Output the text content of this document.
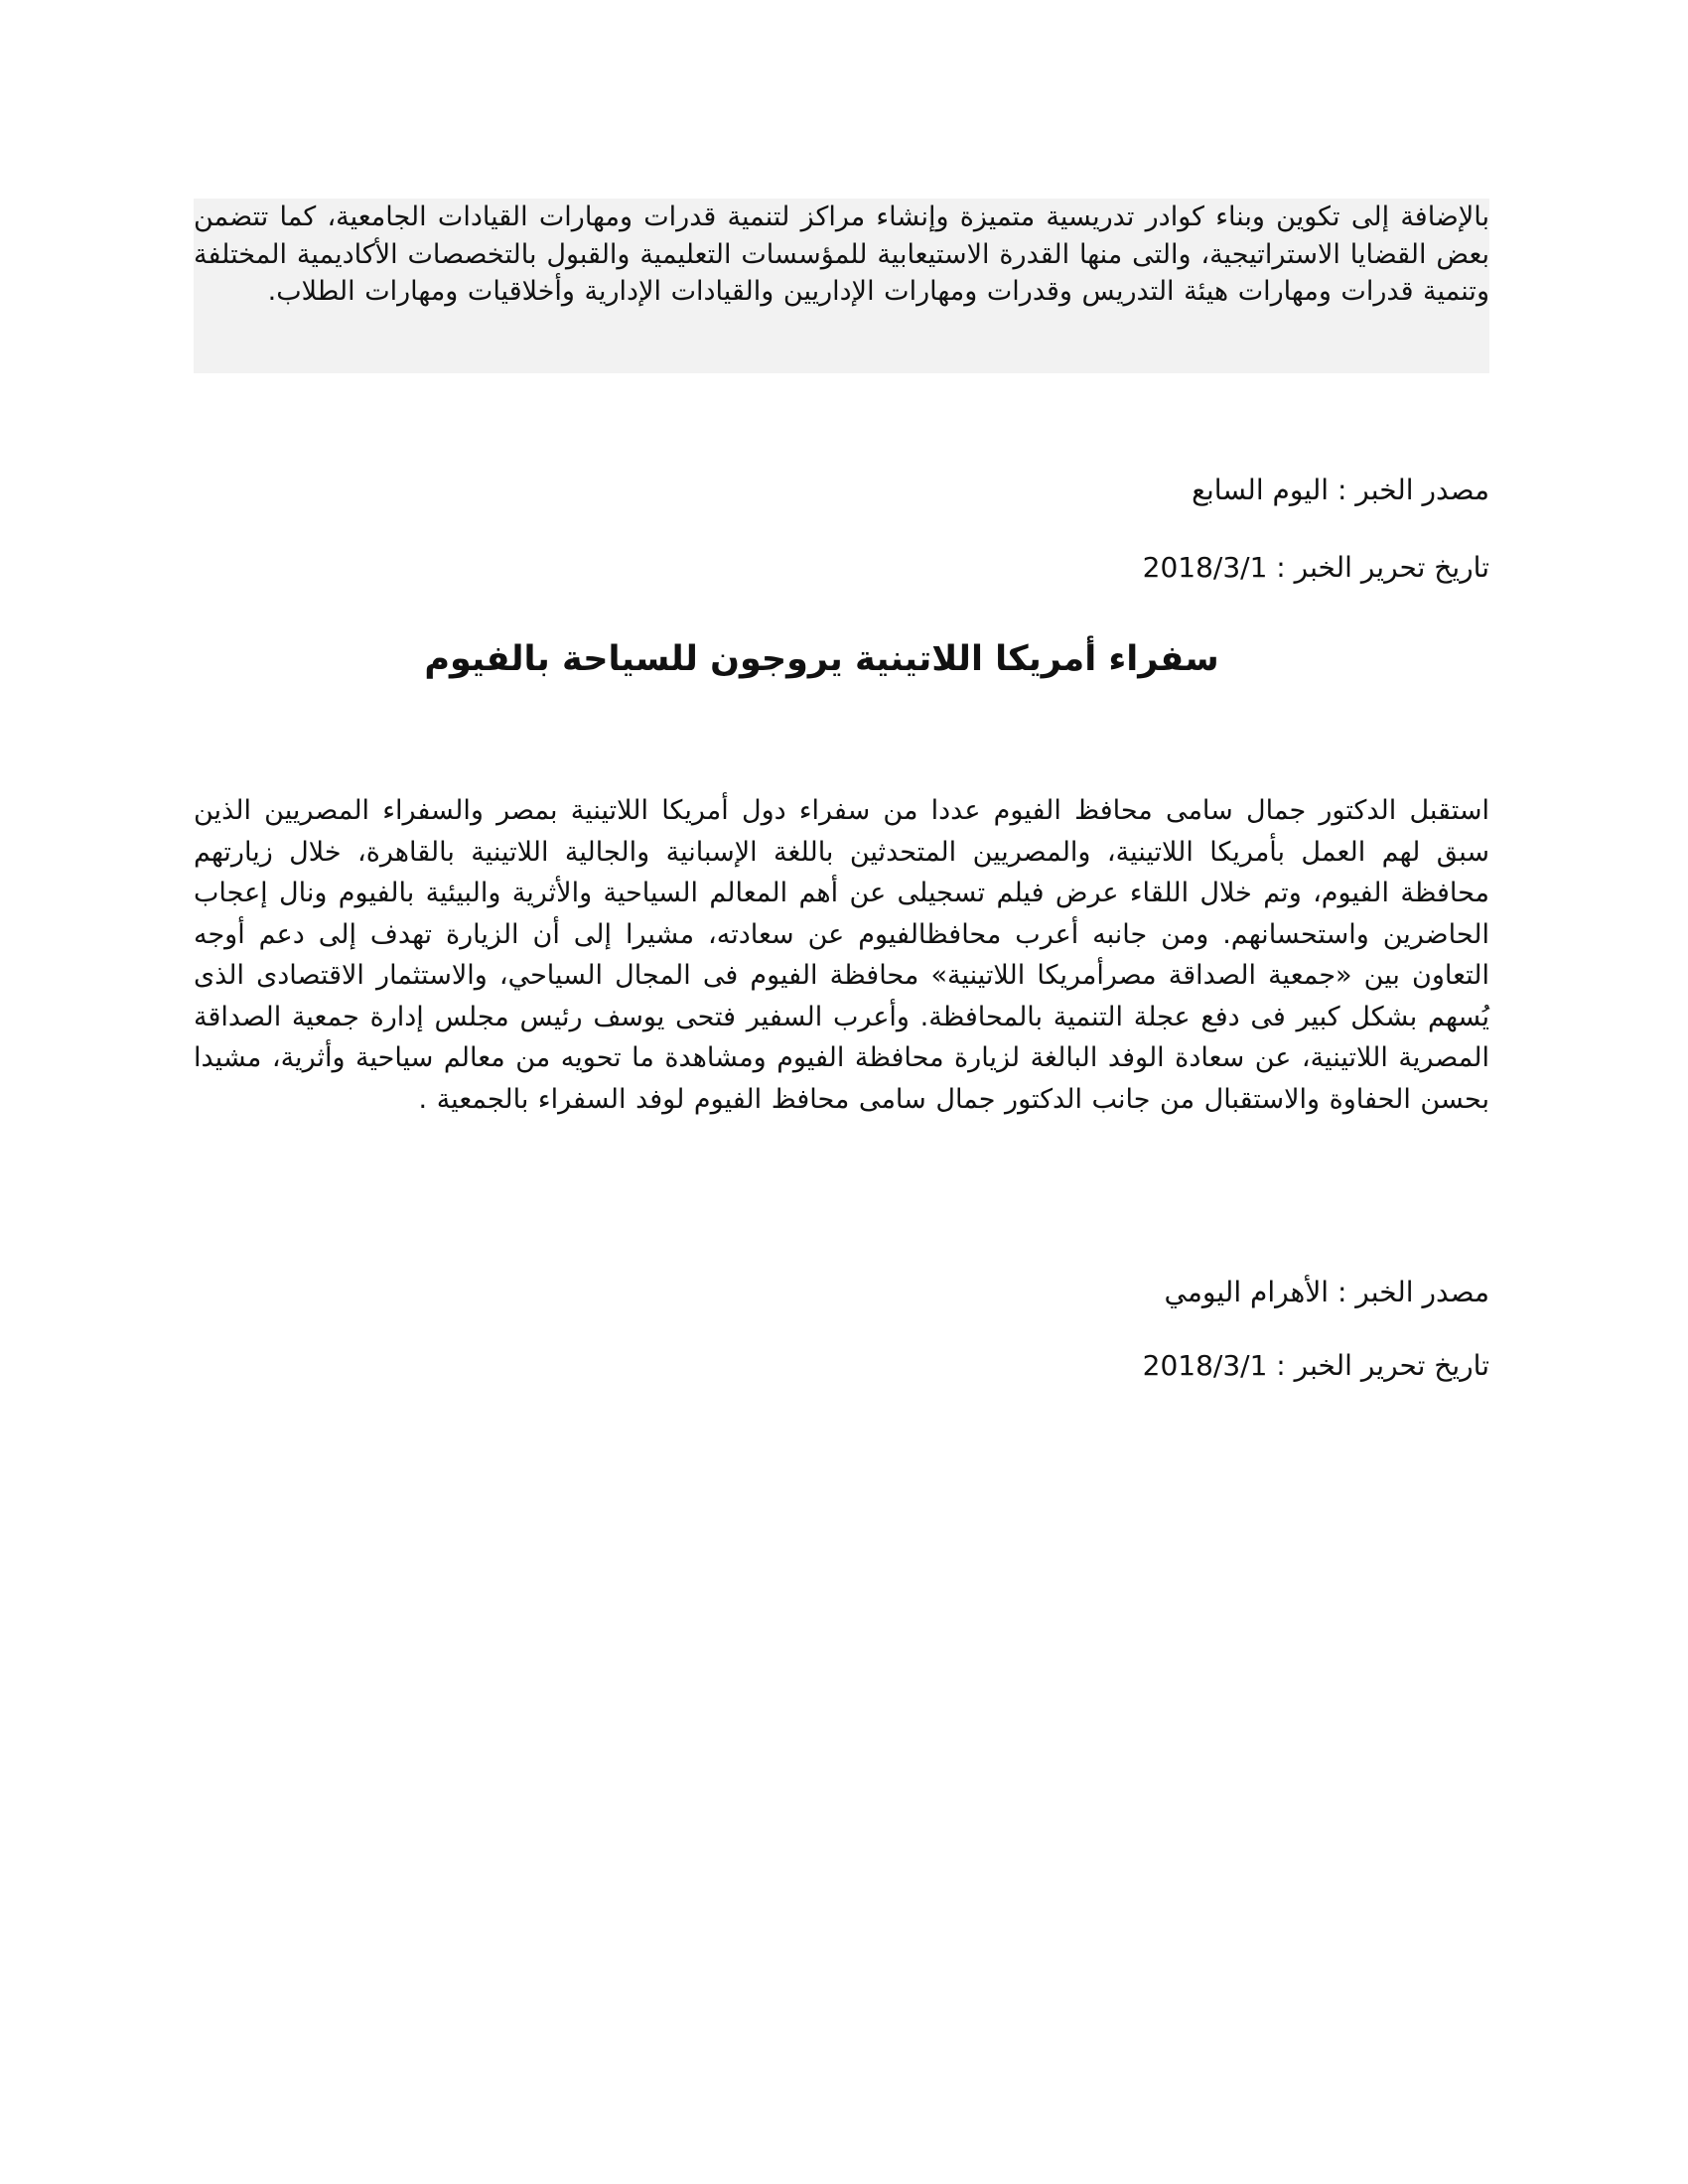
بالإضافة إلى تكوين وبناء كوادر تدريسية متميزة وإنشاء مراكز لتنمية قدرات ومهارات القيادات الجامعية، كما تتضمن بعض القضايا الاستراتيجية، والتى منها القدرة الاستيعابية للمؤسسات التعليمية والقبول بالتخصصات الأكاديمية المختلفة وتنمية قدرات ومهارات هيئة التدريس وقدرات ومهارات الإداريين والقيادات الإدارية وأخلاقيات ومهارات الطلاب.
مصدر الخبر : اليوم السابع
تاريخ تحرير الخبر : 2018/3/1
سفراء أمريكا اللاتينية يروجون للسياحة بالفيوم
استقبل الدكتور جمال سامى محافظ الفيوم عددا من سفراء دول أمريكا اللاتينية بمصر والسفراء المصريين الذين سبق لهم العمل بأمريكا اللاتينية، والمصريين المتحدثين باللغة الإسبانية والجالية اللاتينية بالقاهرة، خلال زيارتهم محافظة الفيوم، وتم خلال اللقاء عرض فيلم تسجيلى عن أهم المعالم السياحية والأثرية والبيئية بالفيوم ونال إعجاب الحاضرين واستحسانهم. ومن جانبه أعرب محافظالفيوم عن سعادته، مشيرا إلى أن الزيارة تهدف إلى دعم أوجه التعاون بين «جمعية الصداقة مصرأمريكا اللاتينية» محافظة الفيوم فى المجال السياحي، والاستثمار الاقتصادى الذى يُسهم بشكل كبير فى دفع عجلة التنمية بالمحافظة. وأعرب السفير فتحى يوسف رئيس مجلس إدارة جمعية الصداقة المصرية اللاتينية، عن سعادة الوفد البالغة لزيارة محافظة الفيوم ومشاهدة ما تحويه من معالم سياحية وأثرية، مشيدا بحسن الحفاوة والاستقبال من جانب الدكتور جمال سامى محافظ الفيوم لوفد السفراء بالجمعية .
مصدر الخبر : الأهرام اليومي
تاريخ تحرير الخبر : 2018/3/1
